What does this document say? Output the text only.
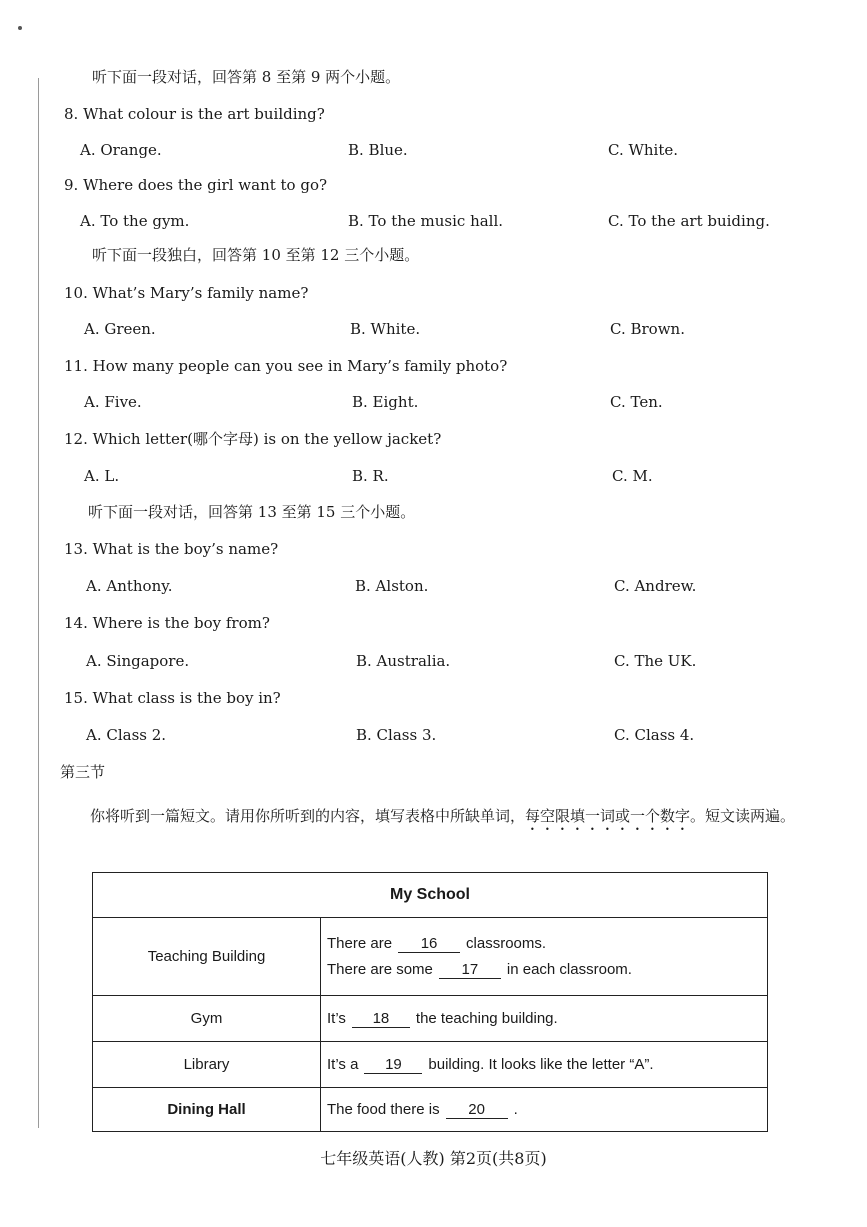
听下面一段对话，回答第 8 至第 9 两个小题。
8. What colour is the art building?
A. Orange.	B. Blue.	C. White.
9. Where does the girl want to go?
A. To the gym.	B. To the music hall.	C. To the art buiding.
听下面一段独白，回答第 10 至第 12 三个小题。
10. What’s Mary’s family name?
A. Green.	B. White.	C. Brown.
11. How many people can you see in Mary’s family photo?
A. Five.	B. Eight.	C. Ten.
12. Which letter(哪个字母) is on the yellow jacket?
A. L.	B. R.	C. M.
听下面一段对话，回答第 13 至第 15 三个小题。
13. What is the boy’s name?
A. Anthony.	B. Alston.	C. Andrew.
14. Where is the boy from?
A. Singapore.	B. Australia.	C. The UK.
15. What class is the boy in?
A. Class 2.	B. Class 3.	C. Class 4.
第三节
你将听到一篇短文。请用你所听到的内容，填写表格中所缺单词，每空限填一词或一个数字。短文读两遍。
My School	
Teaching Building	There are 16 classrooms.
There are some 17 in each classroom.

Gym	It’s 18 the teaching building.
Library	It’s a 19 building. It looks like the letter “A”.
Dining Hall	The food there is 20 .
七年级英语(人教) 第2页(共8页)
